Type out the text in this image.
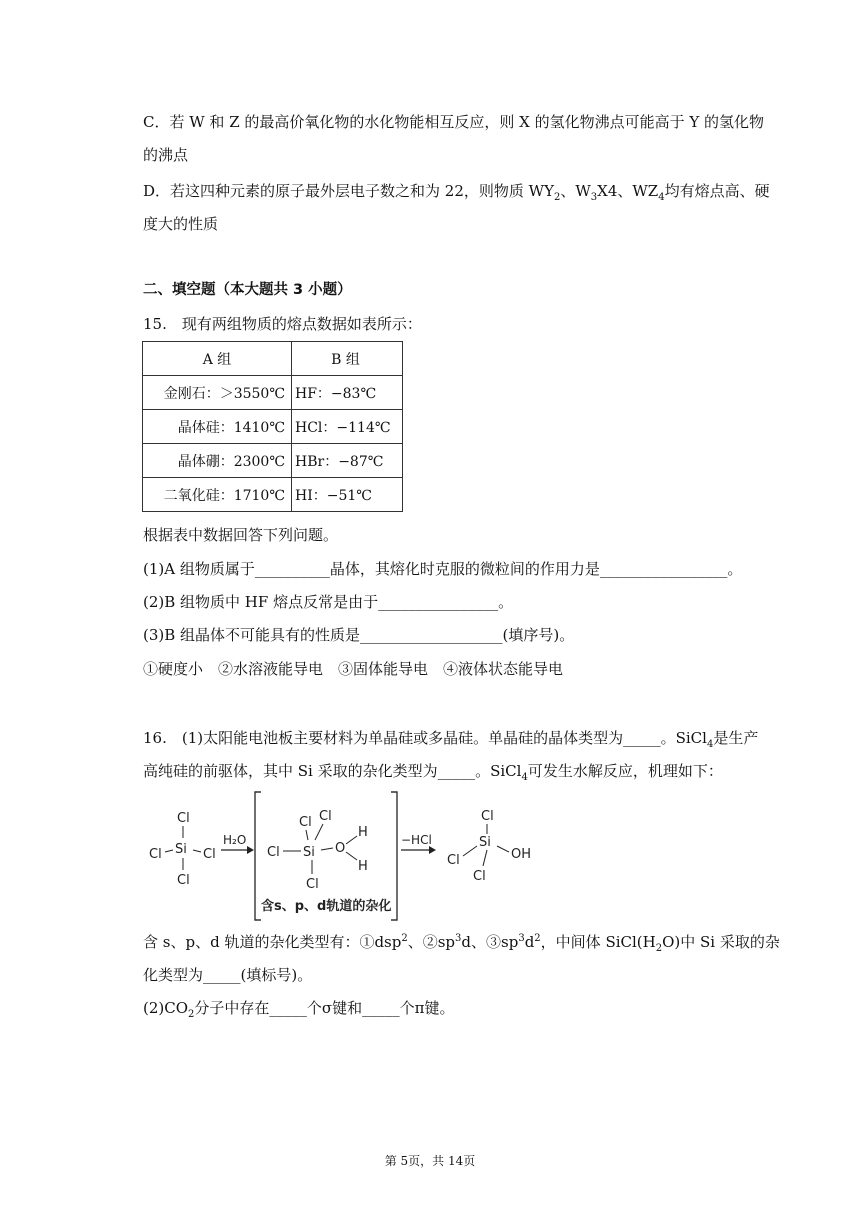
C．若 W 和 Z 的最高价氧化物的水化物能相互反应，则 X 的氢化物沸点可能高于 Y 的氢化物
的沸点
D．若这四种元素的原子最外层电子数之和为 22，则物质 $WY_2$、$W_3X4$、$WZ_4$均有熔点高、硬
度大的性质
二、填空题（本大题共 3 小题）
15.　现有两组物质的熔点数据如表所示：
A 组	B 组
金刚石：＞3550℃	HF：−83℃
晶体硅：1410℃	HCl：−114℃
晶体硼：2300℃	HBr：−87℃
二氧化硅：1710℃	HI：−51℃
根据表中数据回答下列问题。
(1)A 组物质属于__________晶体，其熔化时克服的微粒间的作用力是_________________。
(2)B 组物质中 HF 熔点反常是由于________________。
(3)B 组晶体不可能具有的性质是___________________(填序号)。
①硬度小　②水溶液能导电　③固体能导电　④液体状态能导电
16.　(1)太阳能电池板主要材料为单晶硅或多晶硅。单晶硅的晶体类型为_____。SiCl$_4$是生产
高纯硅的前驱体，其中 Si 采取的杂化类型为_____。SiCl$_4$可发生水解反应，机理如下：
Cl
Cl Si Cl
Cl
H₂O
Cl Cl
Cl Si O
H
H
Cl
含s、p、d轨道的杂化
−HCl
Cl
Si
Cl	OH
Cl
含 s、p、d 轨道的杂化类型有：①dsp$^2$、$②sp^3d$、$③sp^3d^2$，中间体 $SiCl(H_2O)$中 Si 采取的杂
化类型为_____(填标号)。
$(2)CO_2$分子中存在_____个σ键和_____个π键。
第 5页，共 14页
